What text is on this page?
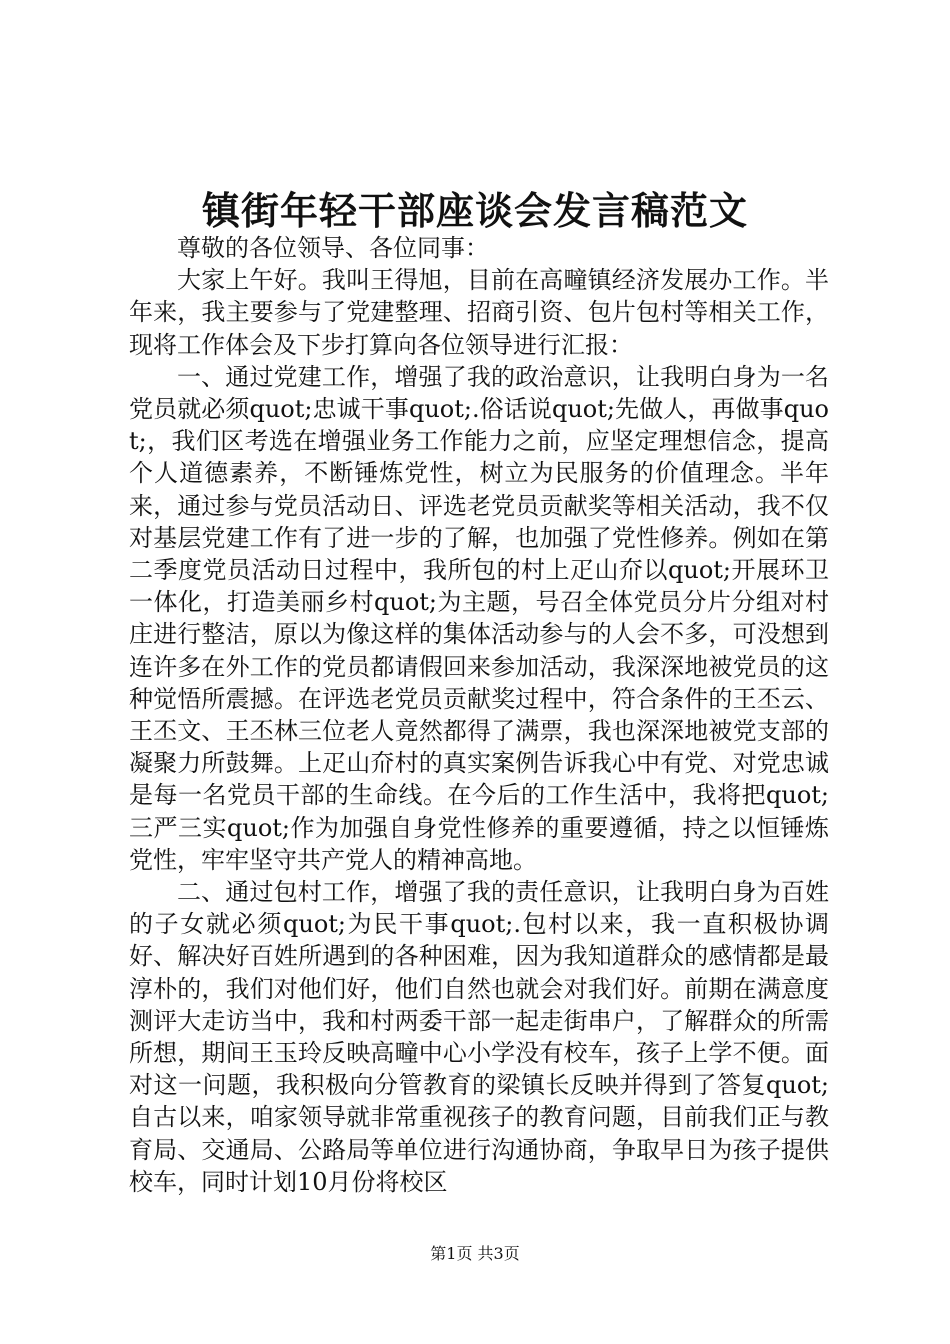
镇街年轻干部座谈会发言稿范文

尊敬的各位领导、各位同事：

大家上午好。我叫王得旭，目前在高疃镇经济发展办工作。半年来，我主要参与了党建整理、招商引资、包片包村等相关工作，现将工作体会及下步打算向各位领导进行汇报：

一、通过党建工作，增强了我的政治意识，让我明白身为一名党员就必须quot;忠诚干事quot;.俗话说quot;先做人，再做事quot;，我们区考选在增强业务工作能力之前，应坚定理想信念，提高个人道德素养，不断锤炼党性，树立为民服务的价值理念。半年来，通过参与党员活动日、评选老党员贡献奖等相关活动，我不仅对基层党建工作有了进一步的了解，也加强了党性修养。例如在第二季度党员活动日过程中，我所包的村上疋山夼以quot;开展环卫一体化，打造美丽乡村quot;为主题，号召全体党员分片分组对村庄进行整洁，原以为像这样的集体活动参与的人会不多，可没想到连许多在外工作的党员都请假回来参加活动，我深深地被党员的这种觉悟所震撼。在评选老党员贡献奖过程中，符合条件的王丕云、王丕文、王丕林三位老人竟然都得了满票，我也深深地被党支部的凝聚力所鼓舞。上疋山夼村的真实案例告诉我心中有党、对党忠诚是每一名党员干部的生命线。在今后的工作生活中，我将把quot;三严三实quot;作为加强自身党性修养的重要遵循，持之以恒锤炼党性，牢牢坚守共产党人的精神高地。

二、通过包村工作，增强了我的责任意识，让我明白身为百姓的子女就必须quot;为民干事quot;.包村以来，我一直积极协调好、解决好百姓所遇到的各种困难，因为我知道群众的感情都是最淳朴的，我们对他们好，他们自然也就会对我们好。前期在满意度测评大走访当中，我和村两委干部一起走街串户，了解群众的所需所想，期间王玉玲反映高疃中心小学没有校车，孩子上学不便。面对这一问题，我积极向分管教育的梁镇长反映并得到了答复quot;自古以来，咱家领导就非常重视孩子的教育问题，目前我们正与教育局、交通局、公路局等单位进行沟通协商，争取早日为孩子提供校车，同时计划10月份将校区

第1页 共3页
